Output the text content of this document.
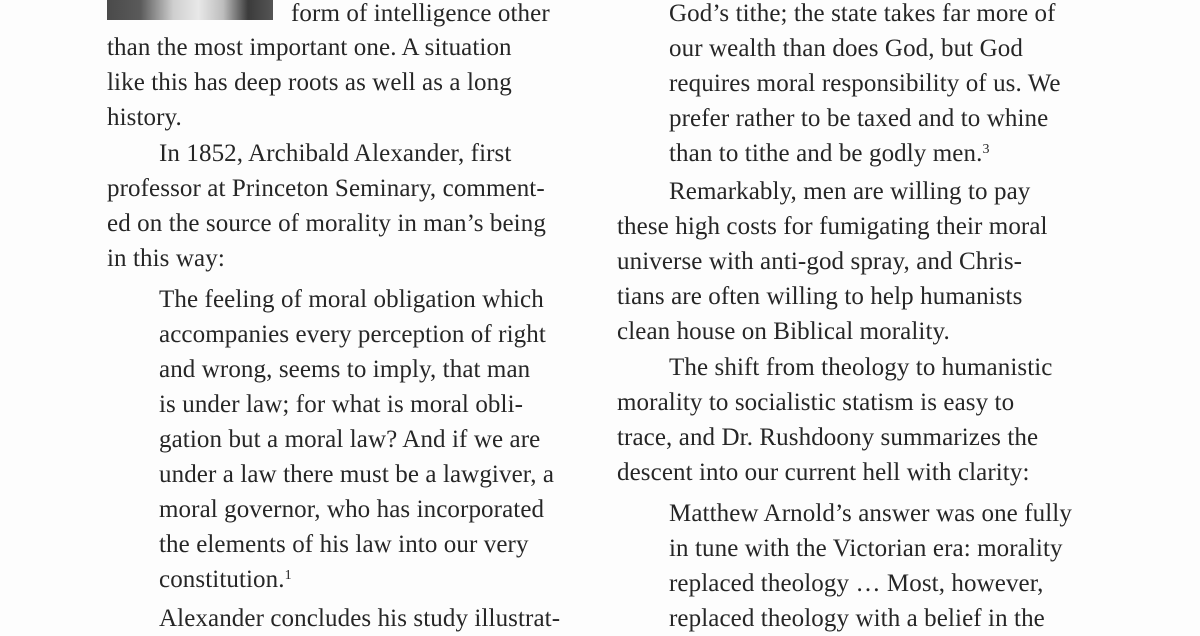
form of intelligence other
than the most important one. A situation
like this has deep roots as well as a long
history.
In 1852, Archibald Alexander, first
professor at Princeton Seminary, comment-
ed on the source of morality in man’s being
in this way:
The feeling of moral obligation which
accompanies every perception of right
and wrong, seems to imply, that man
is under law; for what is moral obli-
gation but a moral law? And if we are
under a law there must be a lawgiver, a
moral governor, who has incorporated
the elements of his law into our very
constitution.$^1$
Alexander concludes his study illustrat-
God’s tithe; the state takes far more of
our wealth than does God, but God
requires moral responsibility of us. We
prefer rather to be taxed and to whine
than to tithe and be godly men.$^3$
Remarkably, men are willing to pay
these high costs for fumigating their moral
universe with anti-god spray, and Chris-
tians are often willing to help humanists
clean house on Biblical morality.
The shift from theology to humanistic
morality to socialistic statism is easy to
trace, and Dr. Rushdoony summarizes the
descent into our current hell with clarity:
Matthew Arnold’s answer was one fully
in tune with the Victorian era: morality
replaced theology … Most, however,
replaced theology with a belief in the
